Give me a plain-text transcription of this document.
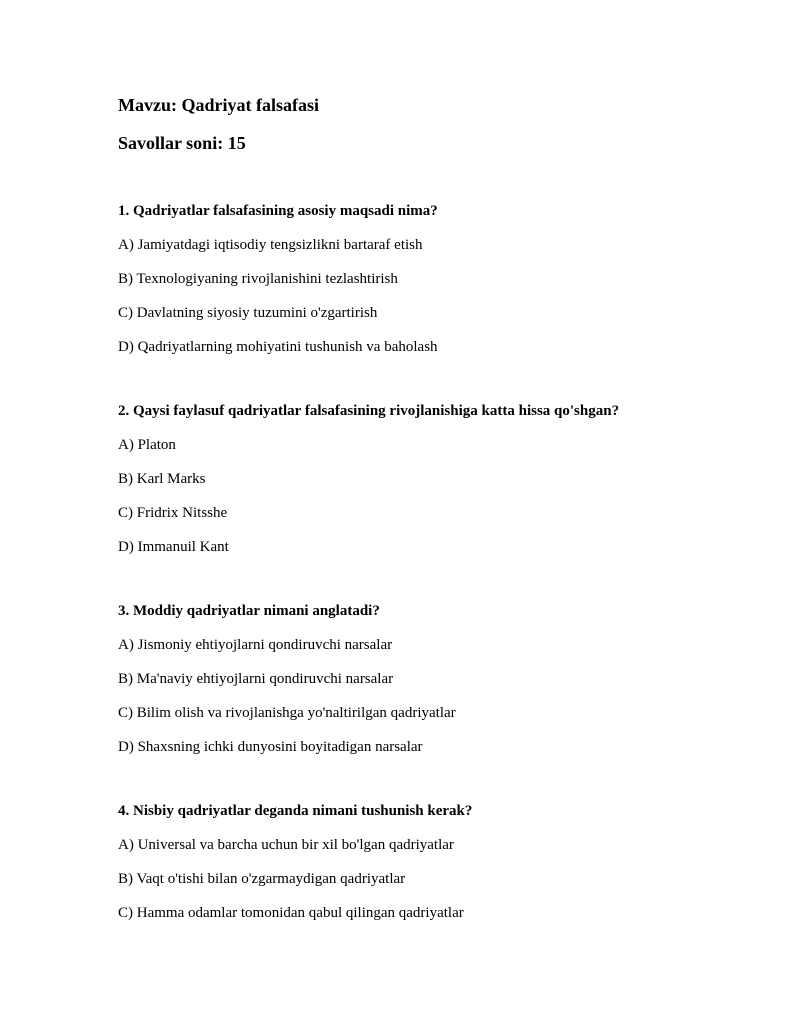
Mavzu: Qadriyat falsafasi
Savollar soni: 15

1. Qadriyatlar falsafasining asosiy maqsadi nima?

A) Jamiyatdagi iqtisodiy tengsizlikni bartaraf etish

B) Texnologiyaning rivojlanishini tezlashtirish

C) Davlatning siyosiy tuzumini o'zgartirish

D) Qadriyatlarning mohiyatini tushunish va baholash

2. Qaysi faylasuf qadriyatlar falsafasining rivojlanishiga katta hissa qo'shgan?

A) Platon

B) Karl Marks

C) Fridrix Nitsshe

D) Immanuil Kant

3. Moddiy qadriyatlar nimani anglatadi?

A) Jismoniy ehtiyojlarni qondiruvchi narsalar

B) Ma'naviy ehtiyojlarni qondiruvchi narsalar

C) Bilim olish va rivojlanishga yo'naltirilgan qadriyatlar

D) Shaxsning ichki dunyosini boyitadigan narsalar

4. Nisbiy qadriyatlar deganda nimani tushunish kerak?

A) Universal va barcha uchun bir xil bo'lgan qadriyatlar

B) Vaqt o'tishi bilan o'zgarmaydigan qadriyatlar

C) Hamma odamlar tomonidan qabul qilingan qadriyatlar
